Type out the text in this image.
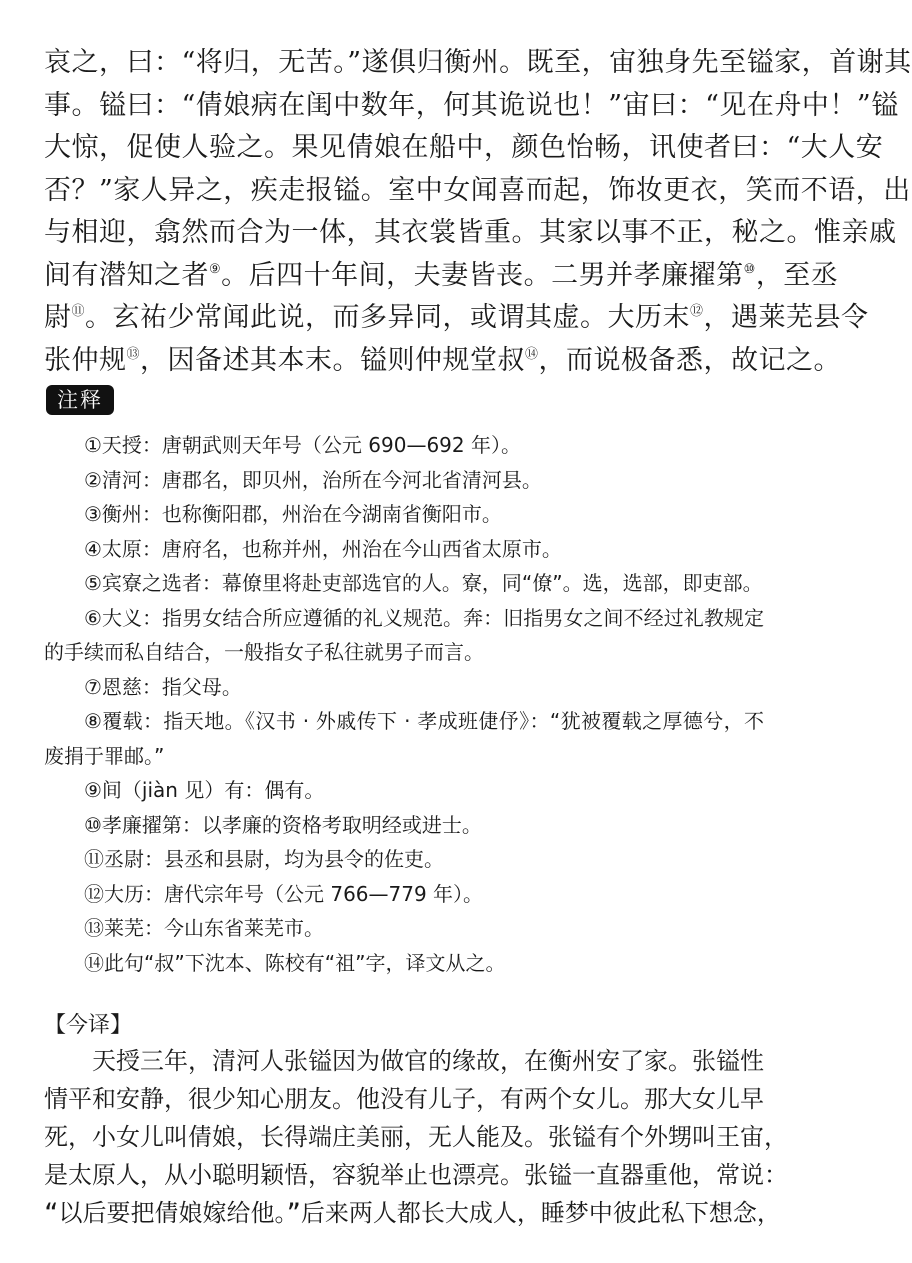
哀之，曰：“将归，无苦。”遂俱归衡州。既至，宙独身先至镒家，首谢其
事。镒曰：“倩娘病在闺中数年，何其诡说也！”宙曰：“见在舟中！”镒
大惊，促使人验之。果见倩娘在船中，颜色怡畅，讯使者曰：“大人安
否？”家人异之，疾走报镒。室中女闻喜而起，饰妆更衣，笑而不语，出
与相迎，翕然而合为一体，其衣裳皆重。其家以事不正，秘之。惟亲戚
间有潜知之者⑨。后四十年间，夫妻皆丧。二男并孝廉擢第⑩，至丞
尉⑪。玄祐少常闻此说，而多异同，或谓其虚。大历末⑫，遇莱芜县令
张仲规⑬，因备述其本末。镒则仲规堂叔⑭，而说极备悉，故记之。
注释
①天授：唐朝武则天年号（公元 690—692 年）。
②清河：唐郡名，即贝州，治所在今河北省清河县。
③衡州：也称衡阳郡，州治在今湖南省衡阳市。
④太原：唐府名，也称并州，州治在今山西省太原市。
⑤宾寮之选者：幕僚里将赴吏部选官的人。寮，同“僚”。选，选部，即吏部。
⑥大义：指男女结合所应遵循的礼义规范。奔：旧指男女之间不经过礼教规定的手续而私自结合，一般指女子私往就男子而言。
⑦恩慈：指父母。
⑧覆载：指天地。《汉书 · 外戚传下 · 孝成班倢伃》：“犹被覆载之厚德兮，不废捐于罪邮。”
⑨间（jiàn 见）有：偶有。
⑩孝廉擢第：以孝廉的资格考取明经或进士。
⑪丞尉：县丞和县尉，均为县令的佐吏。
⑫大历：唐代宗年号（公元 766—779 年）。
⑬莱芜：今山东省莱芜市。
⑭此句“叔”下沈本、陈校有“祖”字，译文从之。
【今译】
天授三年，清河人张镒因为做官的缘故，在衡州安了家。张镒性
情平和安静，很少知心朋友。他没有儿子，有两个女儿。那大女儿早
死，小女儿叫倩娘，长得端庄美丽，无人能及。张镒有个外甥叫王宙，
是太原人，从小聪明颖悟，容貌举止也漂亮。张镒一直器重他，常说：
“以后要把倩娘嫁给他。”后来两人都长大成人，睡梦中彼此私下想念，
